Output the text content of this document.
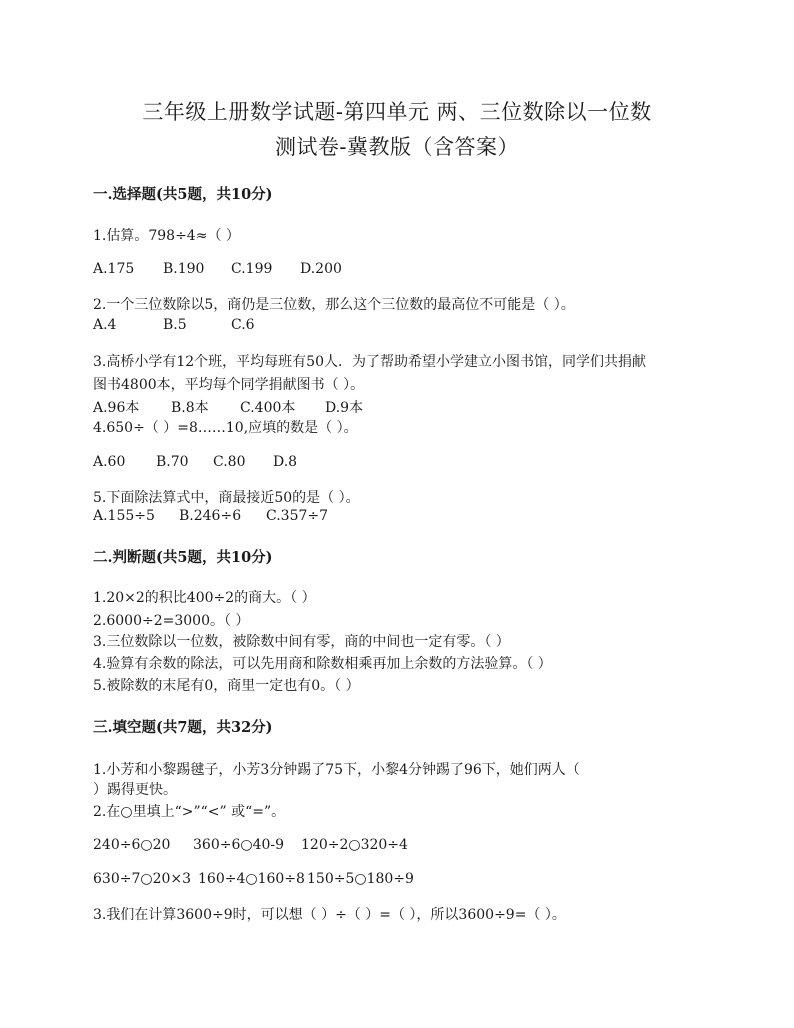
三年级上册数学试题-第四单元 两、三位数除以一位数
测试卷-冀教版（含答案）
一.选择题(共5题，共10分)
1.估算。798÷4≈（ ）
A.175 B.190 C.199 D.200
2.一个三位数除以5，商仍是三位数，那么这个三位数的最高位不可能是（ ）。
A.4	B.5	C.6
3.高桥小学有12个班，平均每班有50人．为了帮助希望小学建立小图书馆，同学们共捐献
图书4800本，平均每个同学捐献图书（ ）。
A.96本 B.8本 C.400本 D.9本
4.650÷（ ）=8……10,应填的数是（ ）。
A.60 B.70 C.80 D.8
5.下面除法算式中，商最接近50的是（ ）。
A.155÷5 B.246÷6 C.357÷7
二.判断题(共5题，共10分)
1.20×2的积比400÷2的商大。（ ）
2.6000÷2=3000。（ ）
3.三位数除以一位数，被除数中间有零，商的中间也一定有零。（ ）
4.验算有余数的除法，可以先用商和除数相乘再加上余数的方法验算。（ ）
5.被除数的末尾有0，商里一定也有0。（ ）
三.填空题(共7题，共32分)
1.小芳和小黎踢毽子，小芳3分钟踢了75下，小黎4分钟踢了96下，她们两人（
）踢得更快。
2.在○里填上“>”“<” 或“=”。
240÷6○20 360÷6○40-9 120÷2○320÷4
630÷7○20×3 160÷4○160÷8 150÷5○180÷9
3.我们在计算3600÷9时，可以想（ ）÷（ ）=（ ），所以3600÷9=（ ）。
